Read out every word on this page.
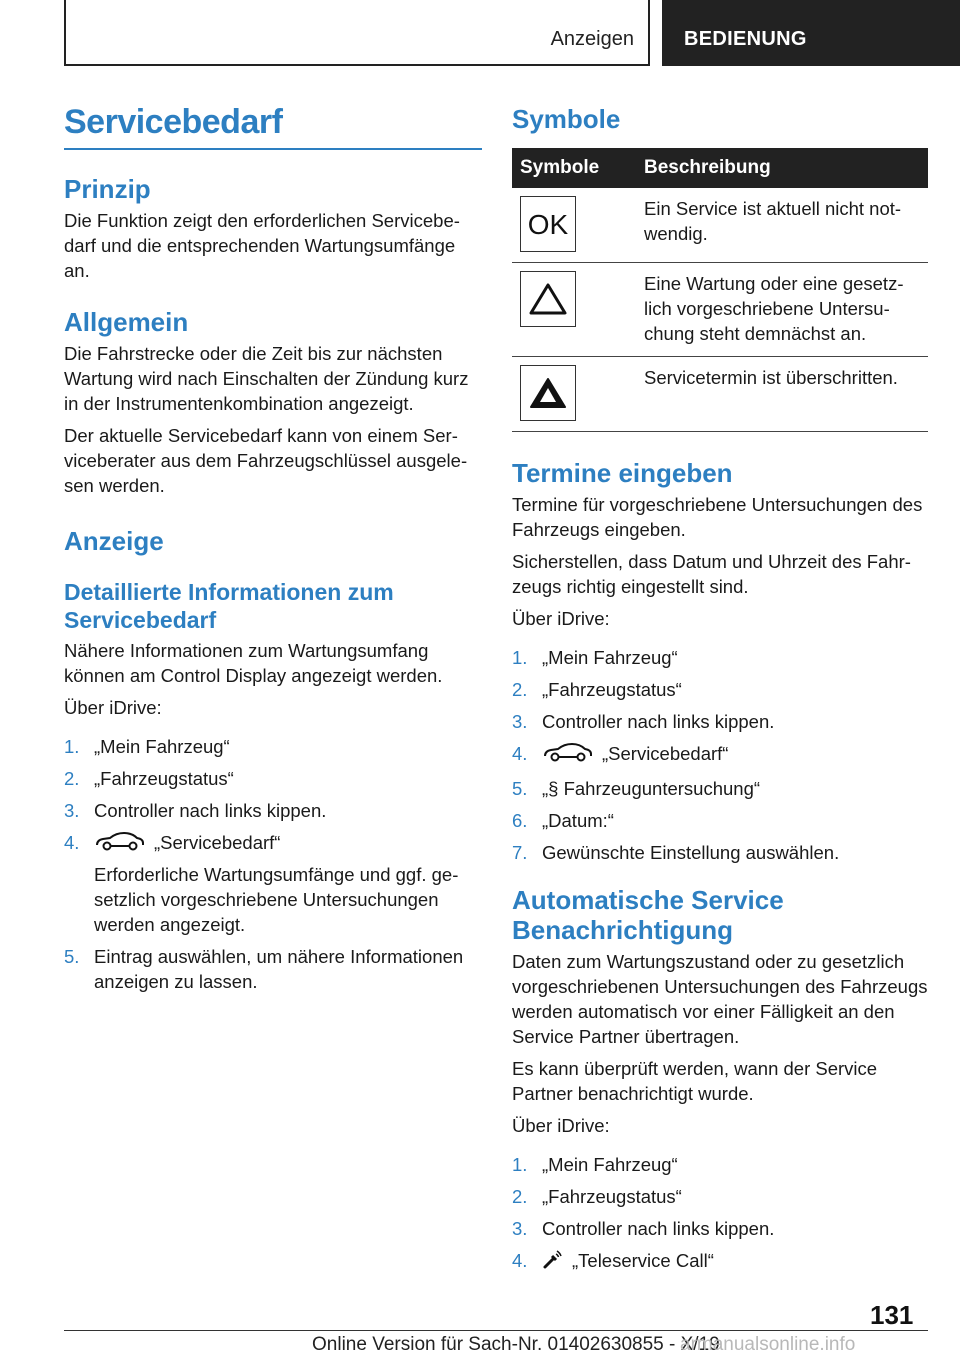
Anzeigen	BEDIENUNG
Servicebedarf
Prinzip

Die Funktion zeigt den erforderlichen Servicebedarf und die entsprechenden Wartungsumfänge an.

Allgemein

Die Fahrstrecke oder die Zeit bis zur nächsten Wartung wird nach Einschalten der Zündung kurz in der Instrumentenkombination angezeigt.

Der aktuelle Servicebedarf kann von einem Serviceberater aus dem Fahrzeugschlüssel ausgelesen werden.

Anzeige
Detaillierte Informationen zum Servicebedarf

Nähere Informationen zum Wartungsumfang können am Control Display angezeigt werden.

Über iDrive:

1. „Mein Fahrzeug“
2. „Fahrzeugstatus“
3. Controller nach links kippen.
4.	„Servicebedarf“
Erforderliche Wartungsumfänge und ggf. gesetzlich vorgeschriebene Untersuchungen werden angezeigt.
5. Eintrag auswählen, um nähere Informationen anzeigen zu lassen.
Symbole
Symbole	Beschreibung

OK	Ein Service ist aktuell nicht notwendig.

	Eine Wartung oder eine gesetzlich vorgeschriebene Untersuchung steht demnächst an.

	Servicetermin ist überschritten.
Termine eingeben

Termine für vorgeschriebene Untersuchungen des Fahrzeugs eingeben.

Sicherstellen, dass Datum und Uhrzeit des Fahrzeugs richtig eingestellt sind.

Über iDrive:

1. „Mein Fahrzeug“
2. „Fahrzeugstatus“
3. Controller nach links kippen.
4.	„Servicebedarf“
5. „§ Fahrzeuguntersuchung“
6. „Datum:“
7. Gewünschte Einstellung auswählen.
Automatische Service Benachrichtigung

Daten zum Wartungszustand oder zu gesetzlich vorgeschriebenen Untersuchungen des Fahrzeugs werden automatisch vor einer Fälligkeit an den Service Partner übertragen.

Es kann überprüft werden, wann der Service Partner benachrichtigt wurde.

Über iDrive:

1. „Mein Fahrzeug“
2. „Fahrzeugstatus“
3. Controller nach links kippen.
4. „Teleservice Call“
131
Online Version für Sach-Nr. 01402630855 - X/19
armanualsonline.info
